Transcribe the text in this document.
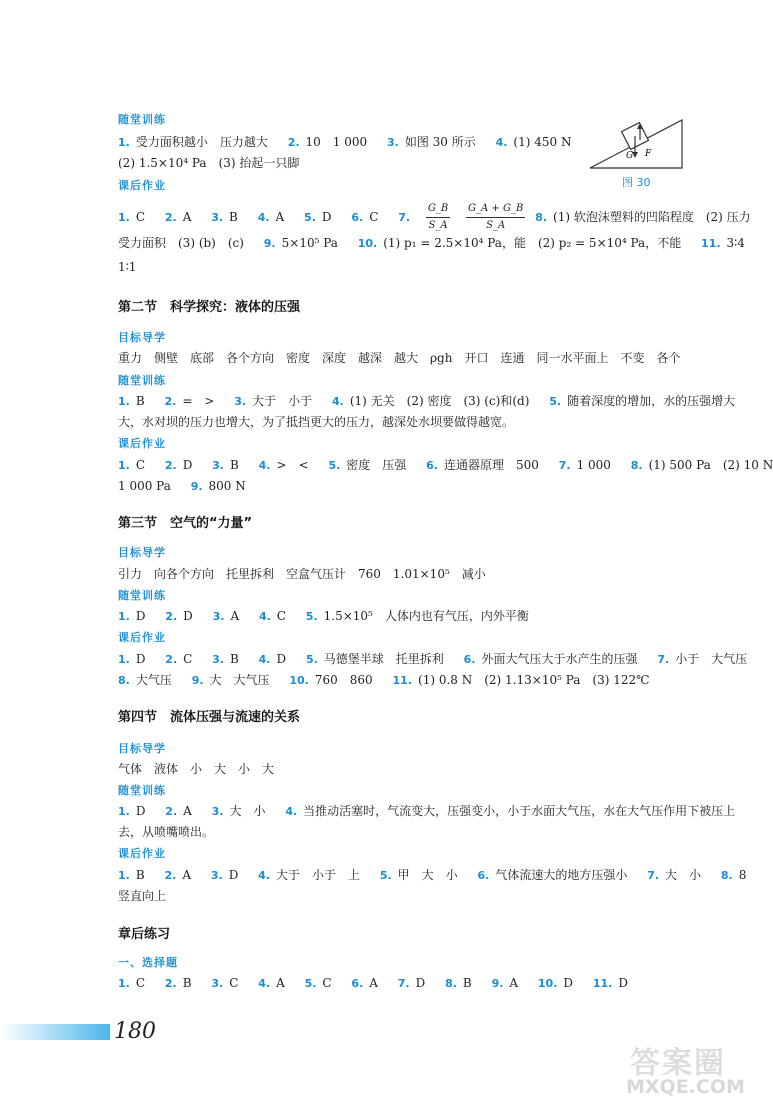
随堂训练
1. 受力面积越小　压力越大 2. 10　1 000 3. 如图 30 所示 4. (1) 450 N
(2) 1.5×10⁴ Pa　(3) 抬起一只脚	G F
图 30
课后作业
1. C 2. A 3. B 4. A 5. D 6. C 7. $\frac{G\_B}{S\_A}$
$\frac{G\_A + G\_B}{S\_A} 8$. (1) 软泡沫塑料的凹陷程度　(2) 压力
受力面积　(3) (b)　(c) 9. 5×10⁵ Pa 10. (1) p₁ = 2.5×10⁴ Pa，能　(2) p₂ = 5×10⁴ Pa，不能 11. 3∶4
1∶1
第二节　科学探究：液体的压强
目标导学
重力　侧壁　底部　各个方向　密度　深度　越深　越大　ρgh　开口　连通　同一水平面上　不变　各个
随堂训练
1. B 2. =　> 3. 大于　小于 4. (1) 无关　(2) 密度　(3) (c)和(d) 5. 随着深度的增加，水的压强增大
大，水对坝的压力也增大，为了抵挡更大的压力，越深处水坝要做得越宽。
课后作业
1. C 2. D 3. B 4. >　< 5. 密度　压强 6. 连通器原理　500 7. 1 000 8. (1) 500 Pa　(2) 10 N
1 000 Pa 9. 800 N
第三节　空气的“力量”
目标导学
引力　向各个方向　托里拆利　空盒气压计　760　1.01×10⁵　减小
随堂训练
1. D 2. D 3. A 4. C 5. 1.5×10⁵　人体内也有气压，内外平衡
课后作业
1. D 2. C 3. B 4. D 5. 马德堡半球　托里拆利 6. 外面大气压大于水产生的压强 7. 小于　大气压
8. 大气压 9. 大　大气压 10. 760　860 11. (1) 0.8 N　(2) 1.13×10⁵ Pa　(3) 122℃
第四节　流体压强与流速的关系
目标导学
气体　液体　小　大　小　大
随堂训练
1. D 2. A 3. 大　小 4. 当推动活塞时，气流变大，压强变小，小于水面大气压，水在大气压作用下被压上
去，从喷嘴喷出。
课后作业
1. B 2. A 3. D 4. 大于　小于　上 5. 甲　大　小 6. 气体流速大的地方压强小 7. 大　小 8. 8
竖直向上
章后练习
一、选择题
1. C 2. B 3. C 4. A 5. C 6. A 7. D 8. B 9. A 10. D 11. D
180
答案圈
MXQE.COM
